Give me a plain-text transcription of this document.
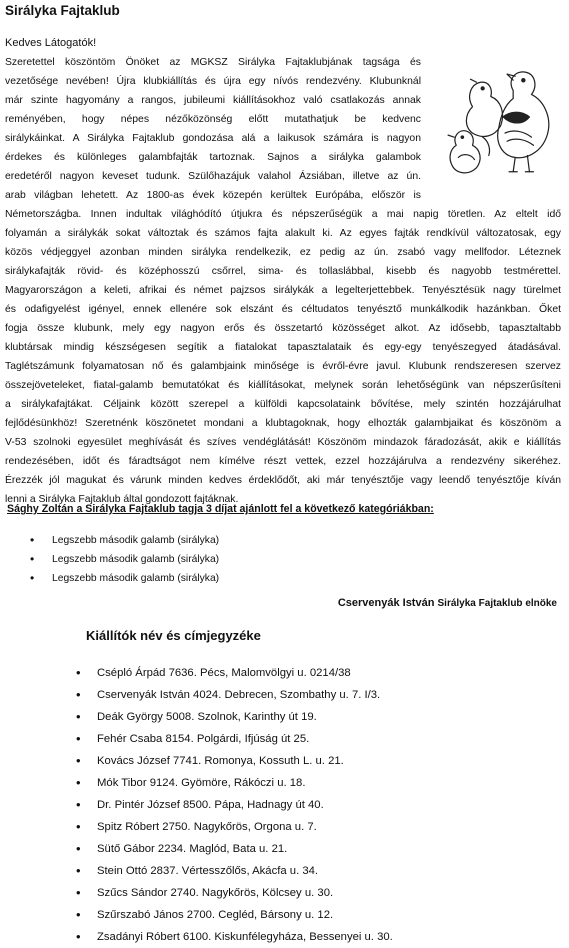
Sirályka Fajtaklub
Kedves Látogatók!
Szeretettel köszöntöm Önöket az MGKSZ Sirályka Fajtaklubjának tagsága és
vezetősége nevében! Újra klubkiállítás és újra egy nívós rendezvény. Klubunknál
már szinte hagyomány a rangos, jubileumi kiállításokhoz való csatlakozás annak
reményében, hogy népes nézőközönség előtt mutathatjuk be kedvenc
sirálykáinkat. A Sirályka Fajtaklub gondozása alá a laikusok számára is nagyon
érdekes és különleges galambfajták tartoznak. Sajnos a sirályka galambok
eredetéről nagyon keveset tudunk. Szülőhazájuk valahol Ázsiában, illetve az ún.
arab világban lehetett. Az 1800-as évek közepén kerültek Európába, először is
Németországba. Innen indultak világhódító útjukra és népszerűségük a mai napig töretlen. Az eltelt idő
folyamán a sirálykák sokat változtak és számos fajta alakult ki. Az egyes fajták rendkívül változatosak, egy
közös védjeggyel azonban minden sirályka rendelkezik, ez pedig az ún. zsabó vagy mellfodor. Léteznek
sirálykafajták rövid- és középhosszú csőrrel, sima- és tollaslábbal, kisebb és nagyobb testmérettel.
Magyarországon a keleti, afrikai és német pajzsos sirálykák a legelterjettebbek. Tenyésztésük nagy türelmet
és odafigyelést igényel, ennek ellenére sok elszánt és céltudatos tenyésztő munkálkodik hazánkban. Őket
fogja össze klubunk, mely egy nagyon erős és összetartó közösséget alkot. Az idősebb, tapasztaltabb
klubtársak mindig készségesen segítik a fiatalokat tapasztalataik és egy-egy tenyészegyed átadásával.
Taglétszámunk folyamatosan nő és galambjaink minősége is évről-évre javul. Klubunk rendszeresen szervez
összejöveteleket, fiatal-galamb bemutatókat és kiállításokat, melynek során lehetőségünk van népszerűsíteni
a sirálykafajtákat. Céljaink között szerepel a külföldi kapcsolataink bővítése, mely szintén hozzájárulhat
fejlődésünkhöz! Szeretnénk köszönetet mondani a klubtagoknak, hogy elhozták galambjaikat és köszönöm a
V-53 szolnoki egyesület meghívását és szíves vendéglátását! Köszönöm mindazok fáradozását, akik e kiállítás
rendezésében, időt és fáradtságot nem kímélve részt vettek, ezzel hozzájárulva a rendezvény sikeréhez.
Érezzék jól magukat és várunk minden kedves érdeklődőt, aki már tenyésztője vagy leendő tenyésztője kíván
lenni a Sirályka Fajtaklub által gondozott fajtáknak.
Sághy Zoltán a Sirályka Fajtaklub tagja 3 díjat ajánlott fel a következő kategóriákban:
• Legszebb második galamb (sirályka)
• Legszebb második galamb (sirályka)
• Legszebb második galamb (sirályka)
Cservenyák István Sirályka Fajtaklub elnöke
Kiállítók név és címjegyzéke
• Csépló Árpád 7636. Pécs, Malomvölgyi u. 0214/38
• Cservenyák István 4024. Debrecen, Szombathy u. 7. I/3.
• Deák György 5008. Szolnok, Karinthy út 19.
• Fehér Csaba 8154. Polgárdi, Ifjúság út 25.
• Kovács József 7741. Romonya, Kossuth L. u. 21.
• Mók Tibor 9124. Gyömöre, Rákóczi u. 18.
• Dr. Pintér József 8500. Pápa, Hadnagy út 40.
• Spitz Róbert 2750. Nagykőrös, Orgona u. 7.
• Sütő Gábor 2234. Maglód, Bata u. 21.
• Stein Ottó 2837. Vértesszőlős, Akácfa u. 34.
• Szűcs Sándor 2740. Nagykőrös, Kölcsey u. 30.
• Szűrszabó János 2700. Cegléd, Bársony u. 12.
• Zsadányi Róbert 6100. Kiskunfélegyháza, Bessenyei u. 30.
